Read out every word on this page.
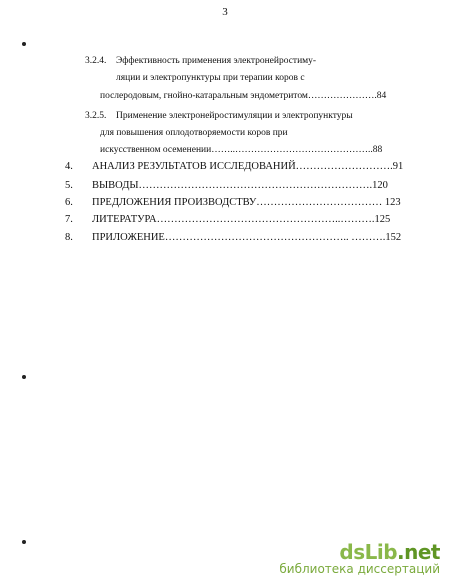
3
3.2.4. Эффективность применения электронейростиму-
ляции и электропунктуры при терапии коров с
послеродовым, гнойно-катаральным эндометритом………………….84
3.2.5. Применение электронейростимуляции и электропунктуры
для повышения оплодотворяемости коров при
искусственном осеменении……..……………………………………..88
4. АНАЛИЗ РЕЗУЛЬТАТОВ ИССЛЕДОВАНИЙ……………………….91
5. ВЫВОДЫ………………………………………………………….120
6. ПРЕДЛОЖЕНИЯ ПРОИЗВОДСТВУ……………………………… 123
7. ЛИТЕРАТУРА……………………………………………..……….125
8. ПРИЛОЖЕНИЕ…………………………………………….. ……….152
dsLib.net
библиотека диссертаций
